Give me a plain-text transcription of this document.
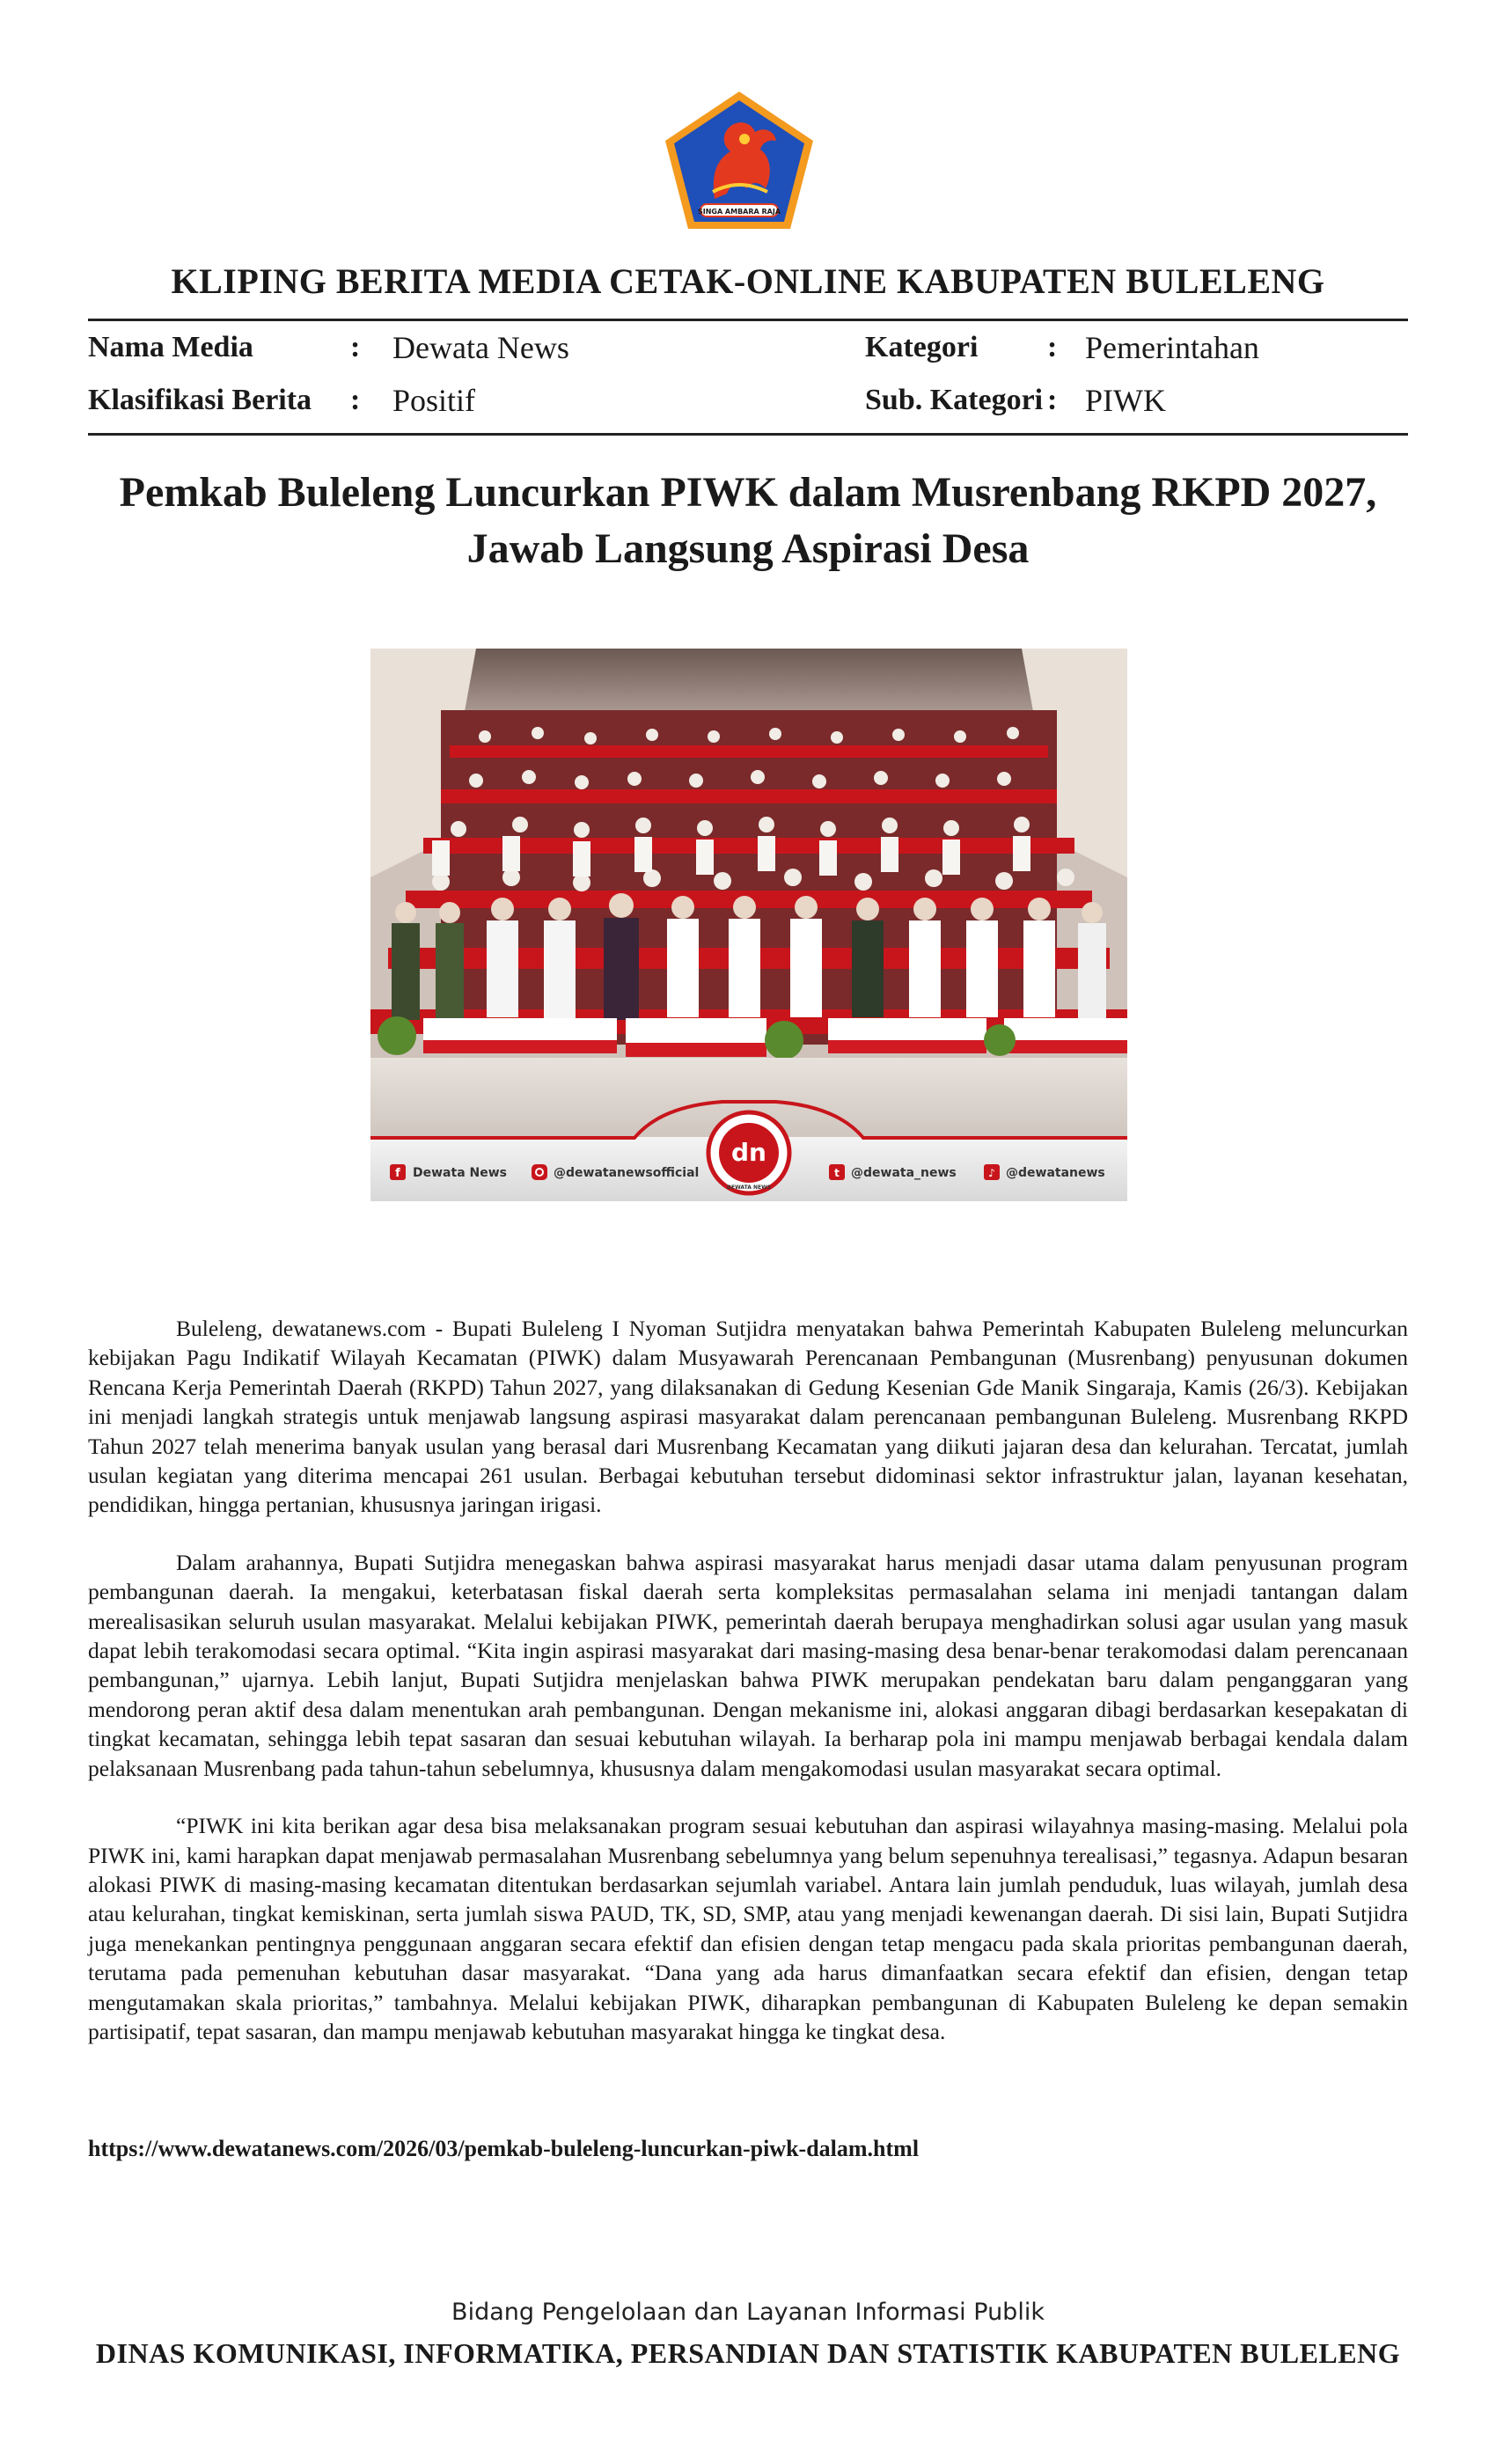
SINGA AMBARA RAJA
KLIPING BERITA MEDIA CETAK-ONLINE KABUPATEN BULELENG
Nama Media	: Dewata News	Kategori : Pemerintahan
Klasifikasi Berita : Positif	Sub. Kategori : PIWK
Pemkab Buleleng Luncurkan PIWK dalam Musrenbang RKPD 2027,
Jawab Langsung Aspirasi Desa
dn
DEWATA NEWS
f Dewata News	@dewatanewsofficial	t @dewata_news	♪ @dewatanews

Buleleng, dewatanews.com - Bupati Buleleng I Nyoman Sutjidra menyatakan bahwa Pemerintah Kabupaten Buleleng meluncurkan kebijakan Pagu Indikatif Wilayah Kecamatan (PIWK) dalam Musyawarah Perencanaan Pembangunan (Musrenbang) penyusunan dokumen Rencana Kerja Pemerintah Daerah (RKPD) Tahun 2027, yang dilaksanakan di Gedung Kesenian Gde Manik Singaraja, Kamis (26/3). Kebijakan ini menjadi langkah strategis untuk menjawab langsung aspirasi masyarakat dalam perencanaan pembangunan Buleleng. Musrenbang RKPD Tahun 2027 telah menerima banyak usulan yang berasal dari Musrenbang Kecamatan yang diikuti jajaran desa dan kelurahan. Tercatat, jumlah usulan kegiatan yang diterima mencapai 261 usulan. Berbagai kebutuhan tersebut didominasi sektor infrastruktur jalan, layanan kesehatan, pendidikan, hingga pertanian, khususnya jaringan irigasi.

Dalam arahannya, Bupati Sutjidra menegaskan bahwa aspirasi masyarakat harus menjadi dasar utama dalam penyusunan program pembangunan daerah. Ia mengakui, keterbatasan fiskal daerah serta kompleksitas permasalahan selama ini menjadi tantangan dalam merealisasikan seluruh usulan masyarakat. Melalui kebijakan PIWK, pemerintah daerah berupaya menghadirkan solusi agar usulan yang masuk dapat lebih terakomodasi secara optimal. “Kita ingin aspirasi masyarakat dari masing-masing desa benar-benar terakomodasi dalam perencanaan pembangunan,” ujarnya. Lebih lanjut, Bupati Sutjidra menjelaskan bahwa PIWK merupakan pendekatan baru dalam penganggaran yang mendorong peran aktif desa dalam menentukan arah pembangunan. Dengan mekanisme ini, alokasi anggaran dibagi berdasarkan kesepakatan di tingkat kecamatan, sehingga lebih tepat sasaran dan sesuai kebutuhan wilayah. Ia berharap pola ini mampu menjawab berbagai kendala dalam pelaksanaan Musrenbang pada tahun-tahun sebelumnya, khususnya dalam mengakomodasi usulan masyarakat secara optimal.

“PIWK ini kita berikan agar desa bisa melaksanakan program sesuai kebutuhan dan aspirasi wilayahnya masing-masing. Melalui pola PIWK ini, kami harapkan dapat menjawab permasalahan Musrenbang sebelumnya yang belum sepenuhnya terealisasi,” tegasnya. Adapun besaran alokasi PIWK di masing-masing kecamatan ditentukan berdasarkan sejumlah variabel. Antara lain jumlah penduduk, luas wilayah, jumlah desa atau kelurahan, tingkat kemiskinan, serta jumlah siswa PAUD, TK, SD, SMP, atau yang menjadi kewenangan daerah. Di sisi lain, Bupati Sutjidra juga menekankan pentingnya penggunaan anggaran secara efektif dan efisien dengan tetap mengacu pada skala prioritas pembangunan daerah, terutama pada pemenuhan kebutuhan dasar masyarakat. “Dana yang ada harus dimanfaatkan secara efektif dan efisien, dengan tetap mengutamakan skala prioritas,” tambahnya. Melalui kebijakan PIWK, diharapkan pembangunan di Kabupaten Buleleng ke depan semakin partisipatif, tepat sasaran, dan mampu menjawab kebutuhan masyarakat hingga ke tingkat desa.

https://www.dewatanews.com/2026/03/pemkab-buleleng-luncurkan-piwk-dalam.html
Bidang Pengelolaan dan Layanan Informasi Publik
DINAS KOMUNIKASI, INFORMATIKA, PERSANDIAN DAN STATISTIK KABUPATEN BULELENG
